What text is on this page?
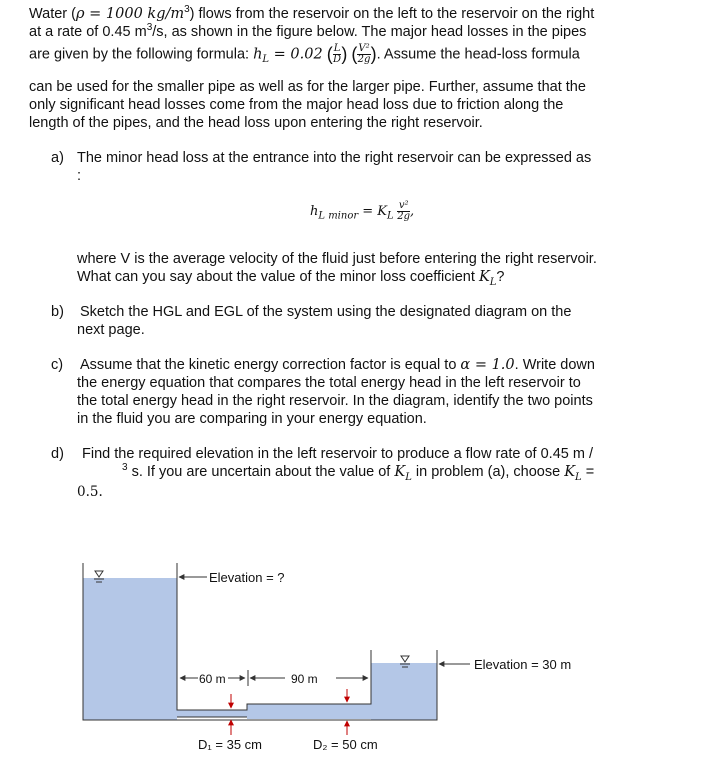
Water (ρ = 1000 $kg/m^3$) flows from the reservoir on the left to the reservoir on the right
at a rate of 0.45 $m^3/s$, as shown in the figure below. The major head losses in the pipes
are given by the following formula: $h_L = 0.02$ ( $\frac{L}{D}$ ) ( $\frac{\text{V²}}{2g}$ ). Assume the head-loss formula
can be used for the smaller pipe as well as for the larger pipe. Further, assume that the
only significant head losses come from the major head loss due to friction along the
length of the pipes, and the head loss upon entering the right reservoir.
a) The minor head loss at the entrance into the right reservoir can be expressed as
:
$h_{L minor} = K_L \frac{\text{v²}}{2g}$ ,
where V is the average velocity of the fluid just before entering the right reservoir.
What can you say about the value of the minor loss coefficient $K_L$?
b) Sketch the HGL and EGL of the system using the designated diagram on the
next page.
c) Assume that the kinetic energy correction factor is equal to α = 1.0. Write down
the energy equation that compares the total energy head in the left reservoir to
the total energy head in the right reservoir. In the diagram, identify the two points
in the fluid you are comparing in your energy equation.
d) Find the required elevation in the left reservoir to produce a flow rate of 0.45 m /
$^3$ s. If you are uncertain about the value of $K_L$ in problem (a), choose $K_L$ =
0.5.
Elevation = ?
Elevation = 30 m
60 m	90 m
D₁ = 35 cm	D₂ = 50 cm
